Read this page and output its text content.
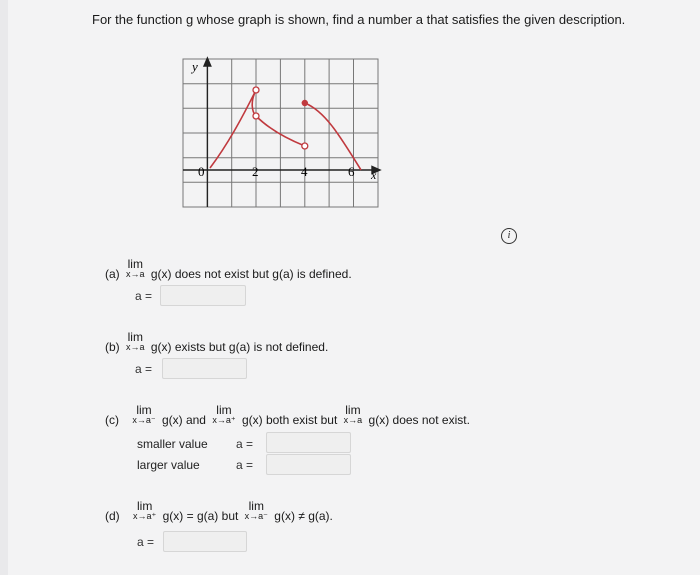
For the function g whose graph is shown, find a number a that satisfies the given description.
y
x
0	2	4	6
i
(a)
lim
x→a g(x) does not exist but g(a) is defined.
a =
(b)
lim
x→a g(x) exists but g(a) is not defined.
a =
(c)
lim
x→a⁻ g(x) and
lim
x→a⁺ g(x) both exist but
lim
x→a g(x) does not exist.
smaller value a =
larger value	a =
(d)
lim
x→a⁺ g(x) = g(a) but
lim
x→a⁻ g(x) ≠ g(a).
a =
